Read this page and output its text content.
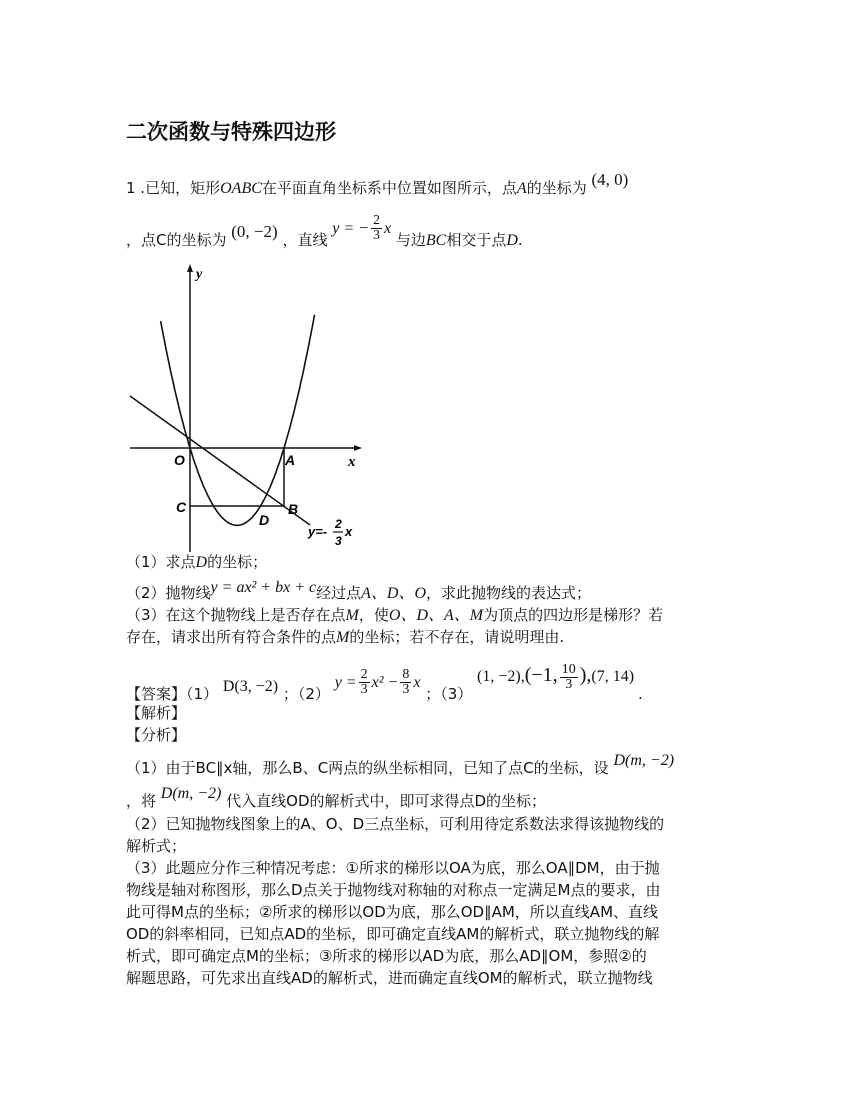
二次函数与特殊四边形
1 .已知，矩形OABC在平面直角坐标系中位置如图所示，点A的坐标为 (4, 0)
，点C的坐标为 (0, −2) ，直线 y = − $\frac{2}{3}$ x 与边BC相交于点D.
y
x
O	A
C	B
D
y=- 2
3
x
（1）求点D的坐标；
（2）抛物线y = ax² + bx + c经过点A、D、O，求此抛物线的表达式；
（3）在这个抛物线上是否存在点M，使O、D、A、M为顶点的四边形是梯形？若
存在，请求出所有符合条件的点M的坐标；若不存在，请说明理由.
【答案】（1） D(3, −2) ；（2） $y = \frac{2}{3} x^2 - \frac{8}{3}$ x ；（3） (1, −2),(−1, $\frac{10}{3} ),(7$, 14) .
【解析】
【分析】
（1）由于BC∥x轴，那么B、C两点的纵坐标相同，已知了点C的坐标，设 D(m, −2)
，将 D(m, −2) 代入直线OD的解析式中，即可求得点D的坐标；
（2）已知抛物线图象上的A、O、D三点坐标，可利用待定系数法求得该抛物线的
解析式；
（3）此题应分作三种情况考虑：①所求的梯形以OA为底，那么OA∥DM，由于抛
物线是轴对称图形，那么D点关于抛物线对称轴的对称点一定满足M点的要求，由
此可得M点的坐标；②所求的梯形以OD为底，那么OD∥AM，所以直线AM、直线
OD的斜率相同，已知点AD的坐标，即可确定直线AM的解析式，联立抛物线的解
析式，即可确定点M的坐标；③所求的梯形以AD为底，那么AD∥OM，参照②的
解题思路，可先求出直线AD的解析式，进而确定直线OM的解析式，联立抛物线
